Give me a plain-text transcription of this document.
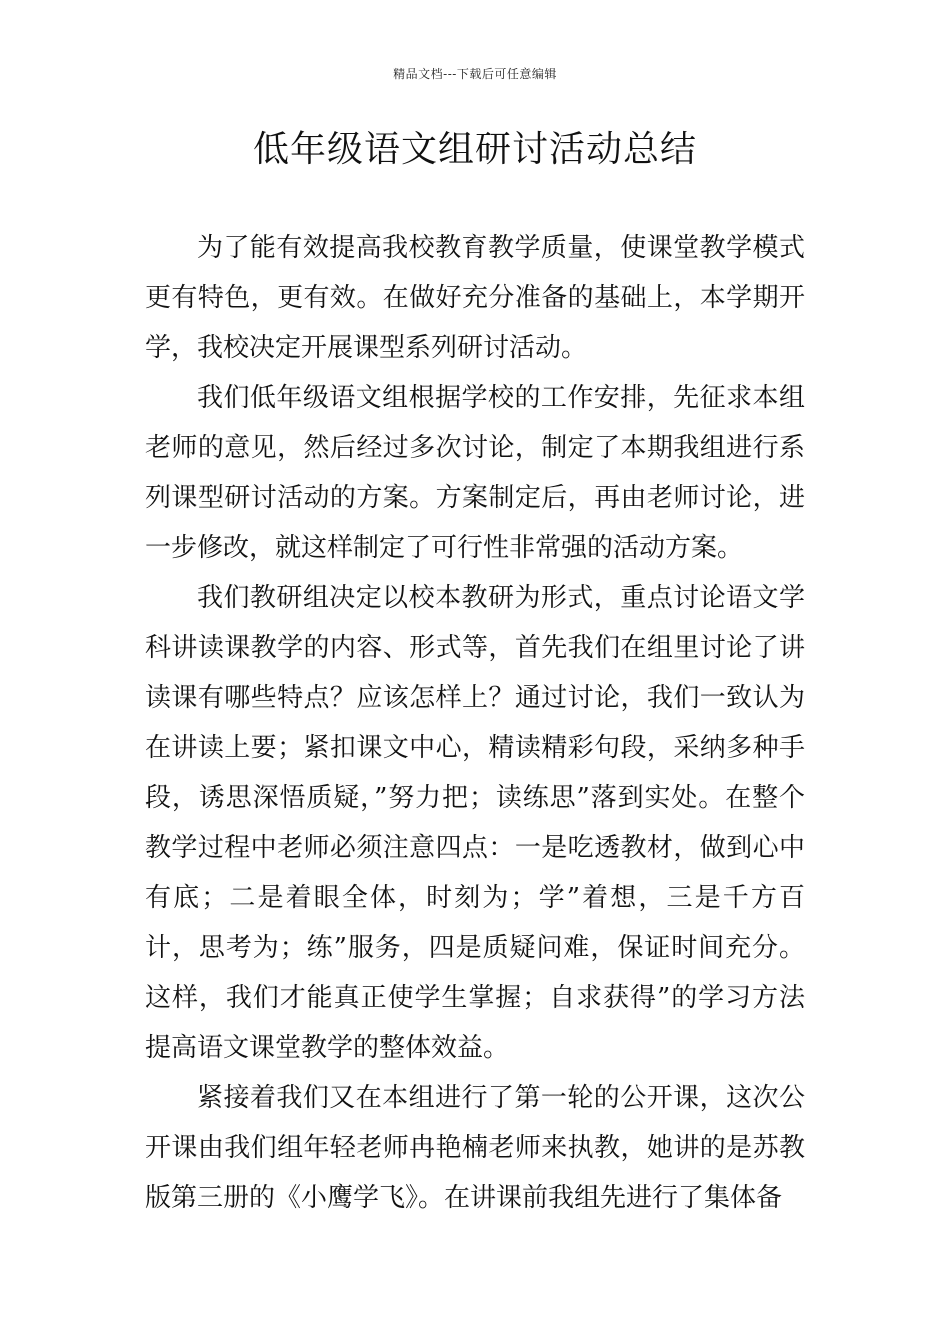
精品文档---下载后可任意编辑
低年级语文组研讨活动总结

为了能有效提高我校教育教学质量，使课堂教学模式更有特色，更有效。在做好充分准备的基础上，本学期开学，我校决定开展课型系列研讨活动。

我们低年级语文组根据学校的工作安排，先征求本组老师的意见，然后经过多次讨论，制定了本期我组进行系列课型研讨活动的方案。方案制定后，再由老师讨论，进一步修改，就这样制定了可行性非常强的活动方案。

我们教研组决定以校本教研为形式，重点讨论语文学科讲读课教学的内容、形式等，首先我们在组里讨论了讲读课有哪些特点？应该怎样上？通过讨论，我们一致认为在讲读上要；紧扣课文中心，精读精彩句段，采纳多种手段，诱思深悟质疑，”努力把；读练思”落到实处。在整个教学过程中老师必须注意四点：一是吃透教材，做到心中有底；二是着眼全体，时刻为；学”着想，三是千方百计，思考为；练”服务，四是质疑问难，保证时间充分。这样，我们才能真正使学生掌握；自求获得”的学习方法提高语文课堂教学的整体效益。

紧接着我们又在本组进行了第一轮的公开课，这次公开课由我们组年轻老师冉艳楠老师来执教，她讲的是苏教版第三册的《小鹰学飞》。在讲课前我组先进行了集体备
